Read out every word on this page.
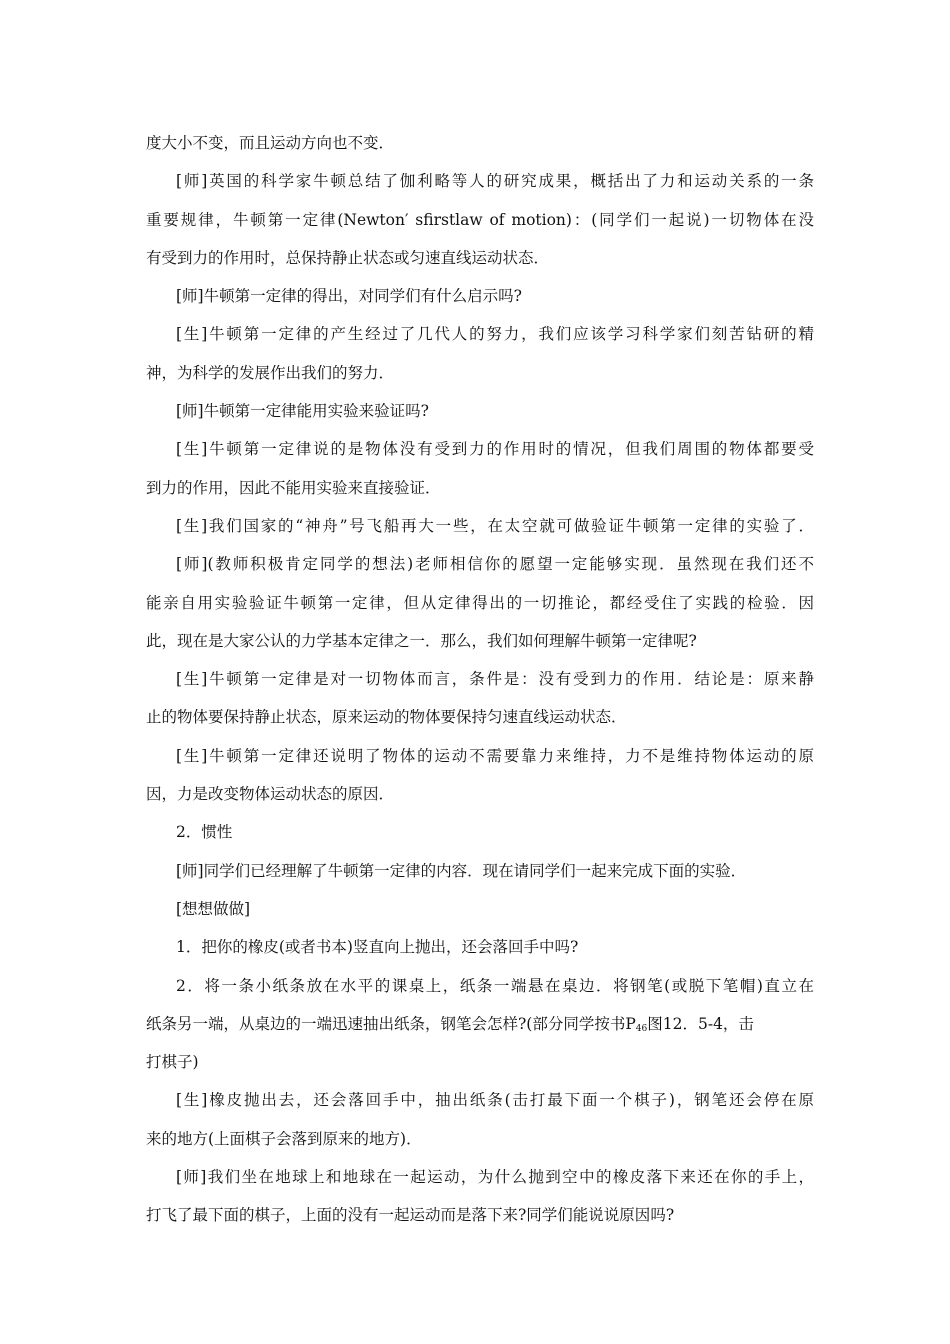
度大小不变，而且运动方向也不变．
[师]英国的科学家牛顿总结了伽利略等人的研究成果，概括出了力和运动关系的一条
重要规律，牛顿第一定律(Newton′ sfirstlaw of motion)：(同学们一起说)一切物体在没
有受到力的作用时，总保持静止状态或匀速直线运动状态．
[师]牛顿第一定律的得出，对同学们有什么启示吗?
[生]牛顿第一定律的产生经过了几代人的努力，我们应该学习科学家们刻苦钻研的精
神，为科学的发展作出我们的努力．
[师]牛顿第一定律能用实验来验证吗?
[生]牛顿第一定律说的是物体没有受到力的作用时的情况，但我们周围的物体都要受
到力的作用，因此不能用实验来直接验证．
[生]我们国家的“神舟”号飞船再大一些，在太空就可做验证牛顿第一定律的实验了．
[师](教师积极肯定同学的想法)老师相信你的愿望一定能够实现．虽然现在我们还不
能亲自用实验验证牛顿第一定律，但从定律得出的一切推论，都经受住了实践的检验．因
此，现在是大家公认的力学基本定律之一．那么，我们如何理解牛顿第一定律呢?
[生]牛顿第一定律是对一切物体而言，条件是：没有受到力的作用．结论是：原来静
止的物体要保持静止状态，原来运动的物体要保持匀速直线运动状态．
[生]牛顿第一定律还说明了物体的运动不需要靠力来维持，力不是维持物体运动的原
因，力是改变物体运动状态的原因．
2．惯性
[师]同学们已经理解了牛顿第一定律的内容．现在请同学们一起来完成下面的实验．
[想想做做]
1．把你的橡皮(或者书本)竖直向上抛出，还会落回手中吗?
2．将一条小纸条放在水平的课桌上，纸条一端悬在桌边．将钢笔(或脱下笔帽)直立在
纸条另一端，从桌边的一端迅速抽出纸条，钢笔会怎样?(部分同学按书$P_{46}$图12．5-4，击
打棋子)
[生]橡皮抛出去，还会落回手中，抽出纸条(击打最下面一个棋子)，钢笔还会停在原
来的地方(上面棋子会落到原来的地方)．
[师]我们坐在地球上和地球在一起运动，为什么抛到空中的橡皮落下来还在你的手上，
打飞了最下面的棋子，上面的没有一起运动而是落下来?同学们能说说原因吗?
